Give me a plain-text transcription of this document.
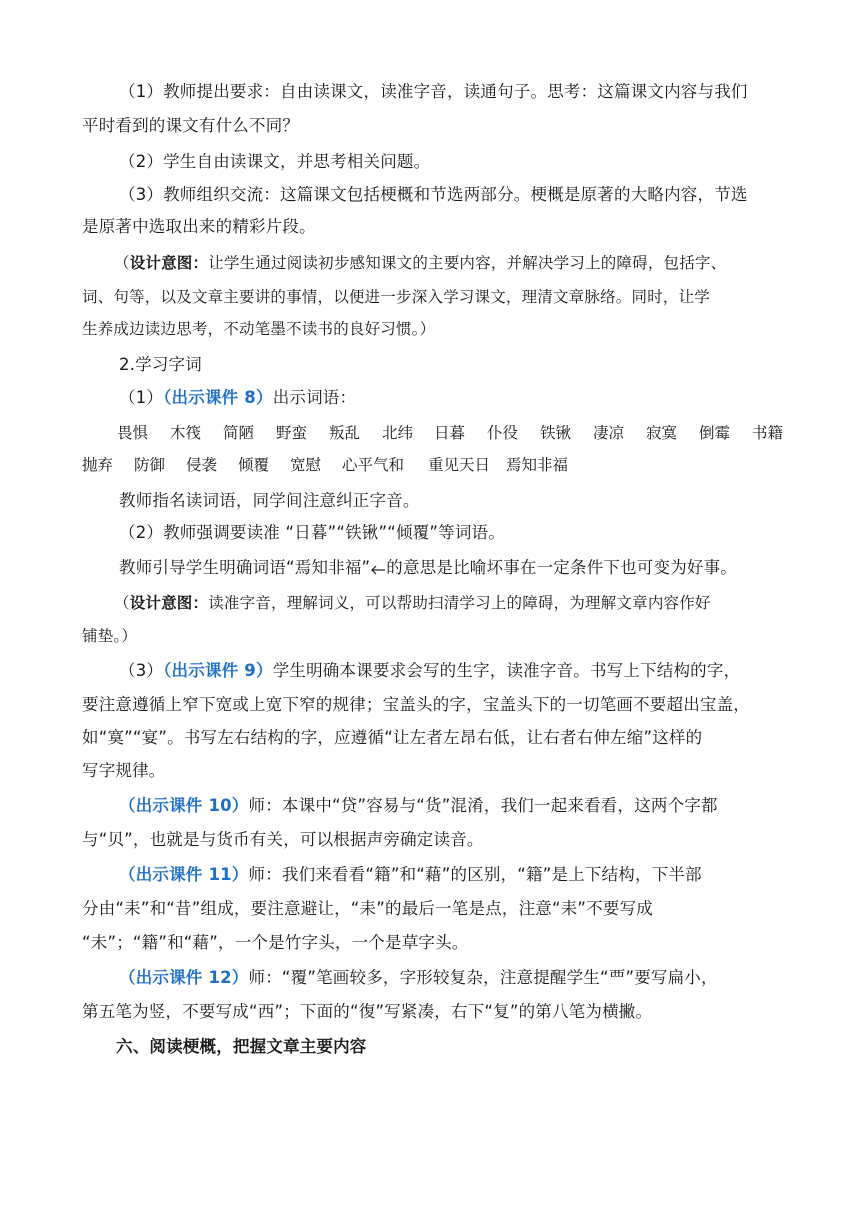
（1）教师提出要求：自由读课文，读准字音，读通句子。思考：这篇课文内容与我们
平时看到的课文有什么不同？
（2）学生自由读课文，并思考相关问题。
（3）教师组织交流：这篇课文包括梗概和节选两部分。梗概是原著的大略内容，节选
是原著中选取出来的精彩片段。
（设计意图：让学生通过阅读初步感知课文的主要内容，并解决学习上的障碍，包括字、
词、句等，以及文章主要讲的事情，以便进一步深入学习课文，理清文章脉络。同时，让学
生养成边读边思考，不动笔墨不读书的良好习惯。）
2.学习字词
（1）（出示课件 8）出示词语：
畏惧 木筏 简陋 野蛮 叛乱 北纬 日暮 仆役 铁锹 凄凉 寂寞 倒霉 书籍
抛弃 防御 侵袭 倾覆 宽慰 心平气和 重见天日 焉知非福
教师指名读词语，同学间注意纠正字音。
（2）教师强调要读准 “日暮”“铁锹”“倾覆”等词语。
教师引导学生明确词语“焉知非福” 的意思是比喻坏事在一定条件下也可变为好事。
（设计意图：读准字音，理解词义，可以帮助扫清学习上的障碍，为理解文章内容作好
铺垫。）
（3）（出示课件 9）学生明确本课要求会写的生字，读准字音。书写上下结构的字，
要注意遵循上窄下宽或上宽下窄的规律；宝盖头的字，宝盖头下的一切笔画不要超出宝盖，
如“寞”“宴”。书写左右结构的字，应遵循“让左者左昂右低，让右者右伸左缩”这样的
写字规律。
（出示课件 10）师：本课中“贷”容易与“货”混淆，我们一起来看看，这两个字都
与“贝”，也就是与货币有关，可以根据声旁确定读音。
（出示课件 11）师：我们来看看“籍”和“藉”的区别，“籍”是上下结构，下半部
分由“耒”和“昔”组成，要注意避让，“耒”的最后一笔是点，注意“耒”不要写成
“未”；“籍”和“藉”，一个是竹字头，一个是草字头。
（出示课件 12）师：“覆”笔画较多，字形较复杂，注意提醒学生“覀”要写扁小，
第五笔为竖，不要写成“西”；下面的“復”写紧凑，右下“复”的第八笔为横撇。
六、阅读梗概，把握文章主要内容
